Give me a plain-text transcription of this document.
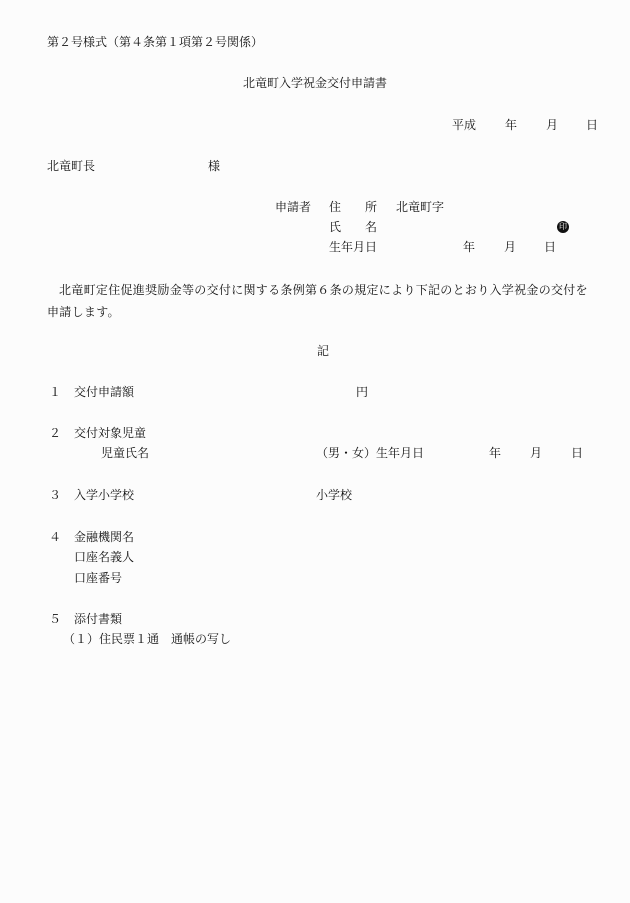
第２号様式（第４条第１項第２号関係）
北竜町入学祝金交付申請書
平成 年 月 日
北竜町長	様
申請者 住　　所 北竜町字
氏　　名	印
生年月日	年 月 日
北竜町定住促進奨励金等の交付に関する条例第６条の規定により下記のとおり入学祝金の交付を申請します。
記
１ 交付申請額	円
２ 交付対象児童
児童氏名	（男・女）生年月日	年 月 日
３ 入学小学校	小学校
４ 金融機関名
口座名義人
口座番号
５ 添付書類
（１）住民票１通　通帳の写し
